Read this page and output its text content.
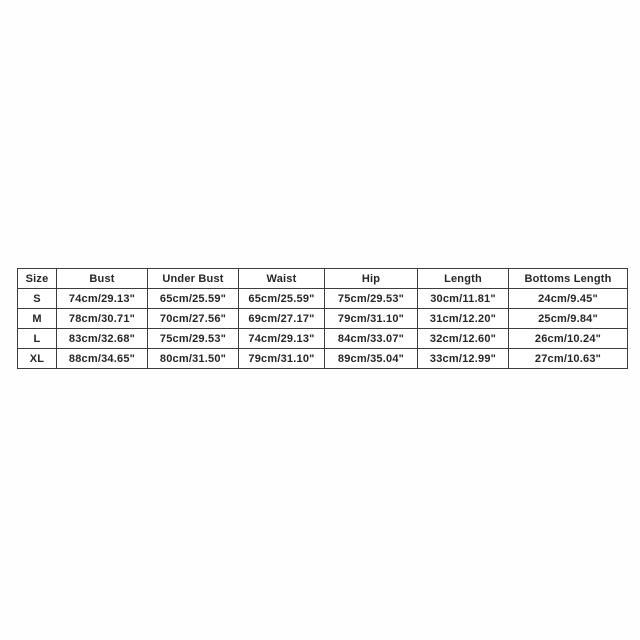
Size	Bust	Under Bust	Waist	Hip	Length	Bottoms Length
S	74cm/29.13"	65cm/25.59"	65cm/25.59"	75cm/29.53"	30cm/11.81"	24cm/9.45"
M	78cm/30.71"	70cm/27.56"	69cm/27.17"	79cm/31.10"	31cm/12.20"	25cm/9.84"
L	83cm/32.68"	75cm/29.53"	74cm/29.13"	84cm/33.07"	32cm/12.60"	26cm/10.24"
XL	88cm/34.65"	80cm/31.50"	79cm/31.10"	89cm/35.04"	33cm/12.99"	27cm/10.63"
